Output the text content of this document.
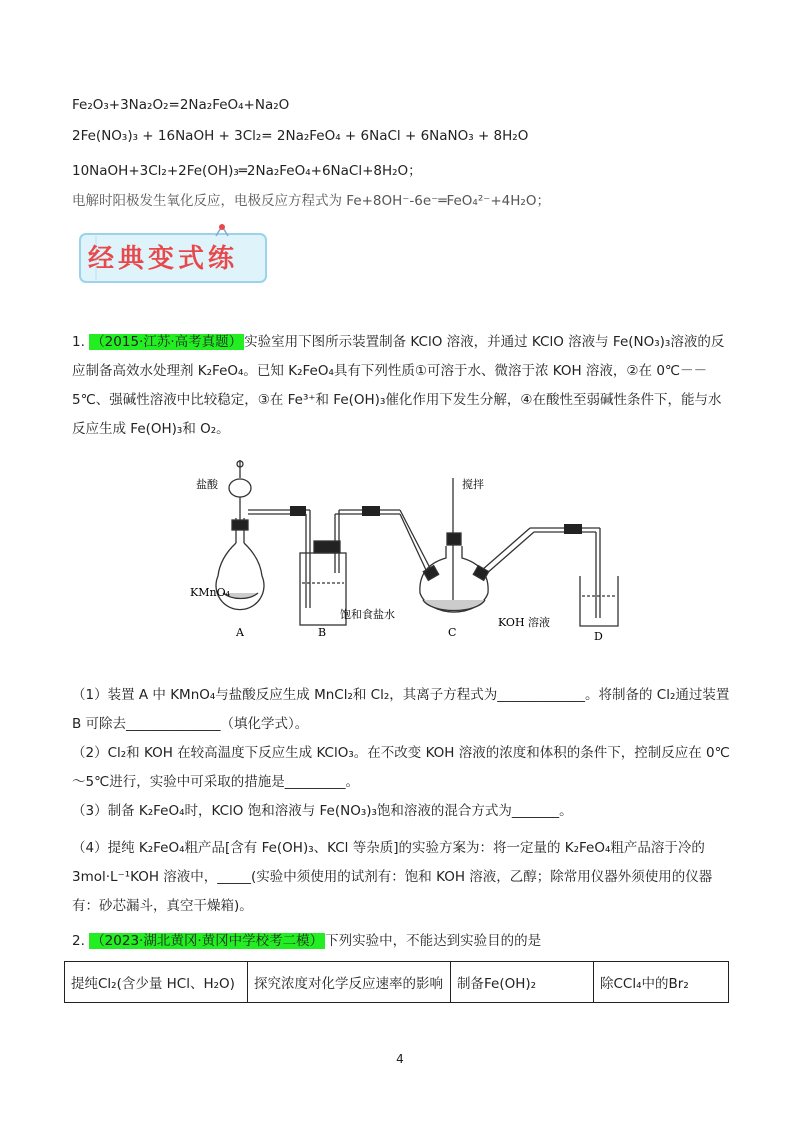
Fe₂O₃+3Na₂O₂=2Na₂FeO₄+Na₂O
2Fe(NO₃)₃ + 16NaOH + 3Cl₂= 2Na₂FeO₄ + 6NaCl + 6NaNO₃ + 8H₂O
10NaOH+3Cl₂+2Fe(OH)₃═2Na₂FeO₄+6NaCl+8H₂O；
电解时阳极发生氧化反应，电极反应方程式为 Fe+8OH⁻-6e⁻═FeO₄²⁻+4H₂O；
经典变式练
1. （2015·江苏·高考真题） 实验室用下图所示装置制备 KClO 溶液，并通过 KClO 溶液与 Fe(NO₃)₃溶液的反应制备高效水处理剂 K₂FeO₄。已知 K₂FeO₄具有下列性质①可溶于水、微溶于浓 KOH 溶液，②在 0℃－－5℃、强碱性溶液中比较稳定，③在 Fe³⁺和 Fe(OH)₃催化作用下发生分解，④在酸性至弱碱性条件下，能与水反应生成 Fe(OH)₃和 O₂。
KMnO₄
盐酸
A
饱和食盐水
B
搅拌
KOH 溶液
C	D
（1）装置 A 中 KMnO₄与盐酸反应生成 MnCl₂和 Cl₂，其离子方程式为_____________。将制备的 Cl₂通过装置 B 可除去______________（填化学式）。
（2）Cl₂和 KOH 在较高温度下反应生成 KClO₃。在不改变 KOH 溶液的浓度和体积的条件下，控制反应在 0℃～5℃进行，实验中可采取的措施是_________。
（3）制备 K₂FeO₄时，KClO 饱和溶液与 Fe(NO₃)₃饱和溶液的混合方式为_______。
（4）提纯 K₂FeO₄粗产品[含有 Fe(OH)₃、KCl 等杂质]的实验方案为：将一定量的 K₂FeO₄粗产品溶于冷的 3mol·L⁻¹KOH 溶液中，_____(实验中须使用的试剂有：饱和 KOH 溶液，乙醇；除常用仪器外须使用的仪器有：砂芯漏斗，真空干燥箱)。
2. （2023·湖北黄冈·黄冈中学校考二模） 下列实验中，不能达到实验目的的是
提纯Cl₂(含少量 HCl、H₂O)	探究浓度对化学反应速率的影响	制备Fe(OH)₂	除CCl₄中的Br₂
4
